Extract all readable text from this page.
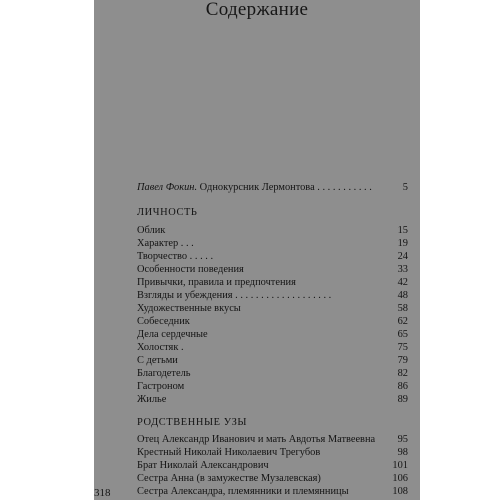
Содержание
Павел Фокин. Однокурсник Лермонтова . . . . . . . . . . .	5
ЛИЧНОСТЬ
Облик	15
Характер . . .	19
Творчество . . . . .	24
Особенности поведения	33
Привычки, правила и предпочтения	42
Взгляды и убеждения . . . . . . . . . . . . . . . . . . .	48
Художественные вкусы	58
Собеседник	62
Дела сердечные	65
Холостяк .	75
С детьми	79
Благодетель	82
Гастроном	86
Жилье	89
РОДСТВЕННЫЕ УЗЫ
Отец Александр Иванович и мать Авдотья Матвеевна 95
Крестный Николай Николаевич Трегубов	98
Брат Николай Александрович	101
Сестра Анна (в замужестве Музалевская)	106
Сестра Александра, племянники и племянницы	108
318
